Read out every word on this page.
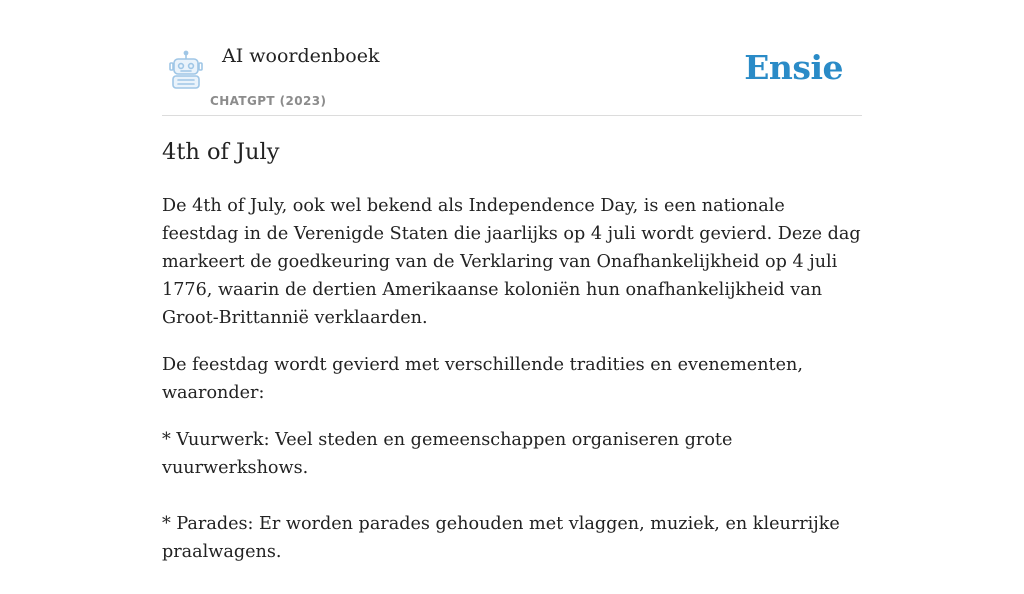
AI woordenboek
CHATGPT (2023)
Ensie
4th of July

De 4th of July, ook wel bekend als Independence Day, is een nationale feestdag in de Verenigde Staten die jaarlijks op 4 juli wordt gevierd. Deze dag markeert de goedkeuring van de Verklaring van Onafhankelijkheid op 4 juli 1776, waarin de dertien Amerikaanse koloniën hun onafhankelijkheid van Groot-Brittannië verklaarden.

De feestdag wordt gevierd met verschillende tradities en evenementen, waaronder:

* Vuurwerk: Veel steden en gemeenschappen organiseren grote vuurwerkshows.

* Parades: Er worden parades gehouden met vlaggen, muziek, en kleurrijke praalwagens.
